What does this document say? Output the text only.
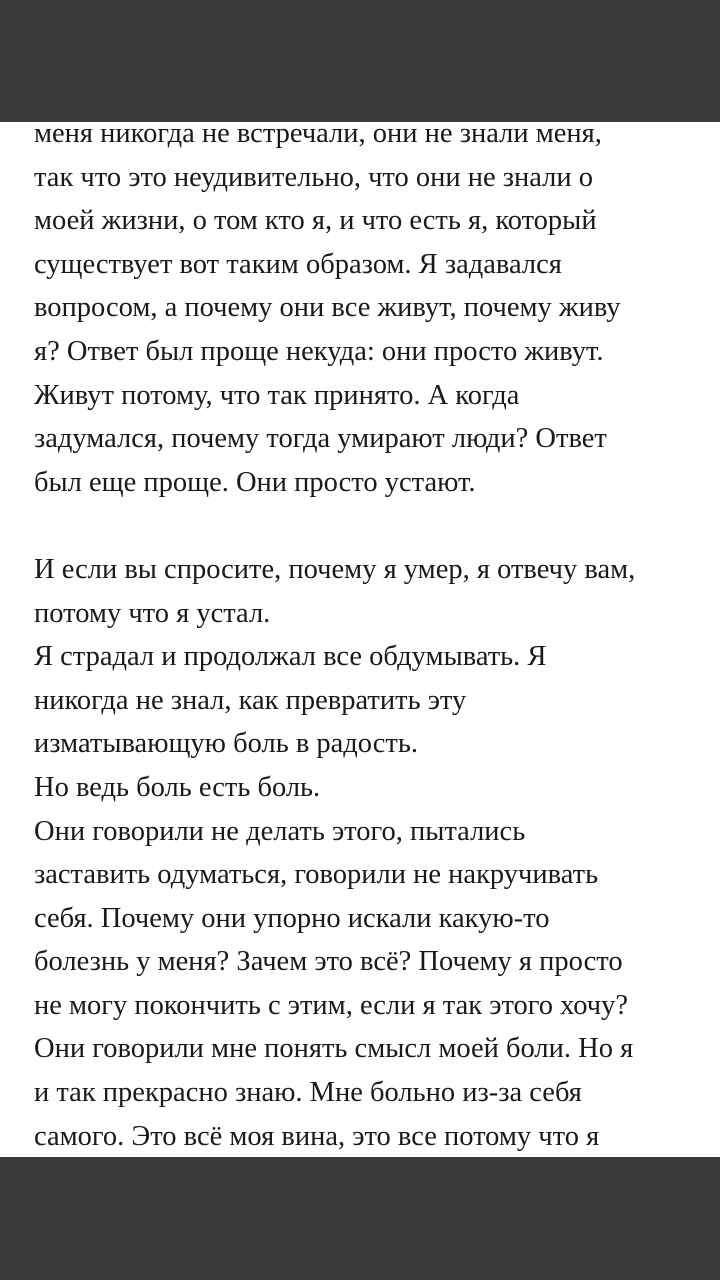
меня никогда не встречали, они не знали меня,
так что это неудивительно, что они не знали о
моей жизни, о том кто я, и что есть я, который
существует вот таким образом. Я задавался
вопросом, а почему они все живут, почему живу
я? Ответ был проще некуда: они просто живут.
Живут потому, что так принято. А когда
задумался, почему тогда умирают люди? Ответ
был еще проще. Они просто устают.
И если вы спросите, почему я умер, я отвечу вам,
потому что я устал.
Я страдал и продолжал все обдумывать. Я
никогда не знал, как превратить эту
изматывающую боль в радость.
Но ведь боль есть боль.
Они говорили не делать этого, пытались
заставить одуматься, говорили не накручивать
себя. Почему они упорно искали какую-то
болезнь у меня? Зачем это всё? Почему я просто
не могу покончить с этим, если я так этого хочу?
Они говорили мне понять смысл моей боли. Но я
и так прекрасно знаю. Мне больно из-за себя
самого. Это всё моя вина, это все потому что я
